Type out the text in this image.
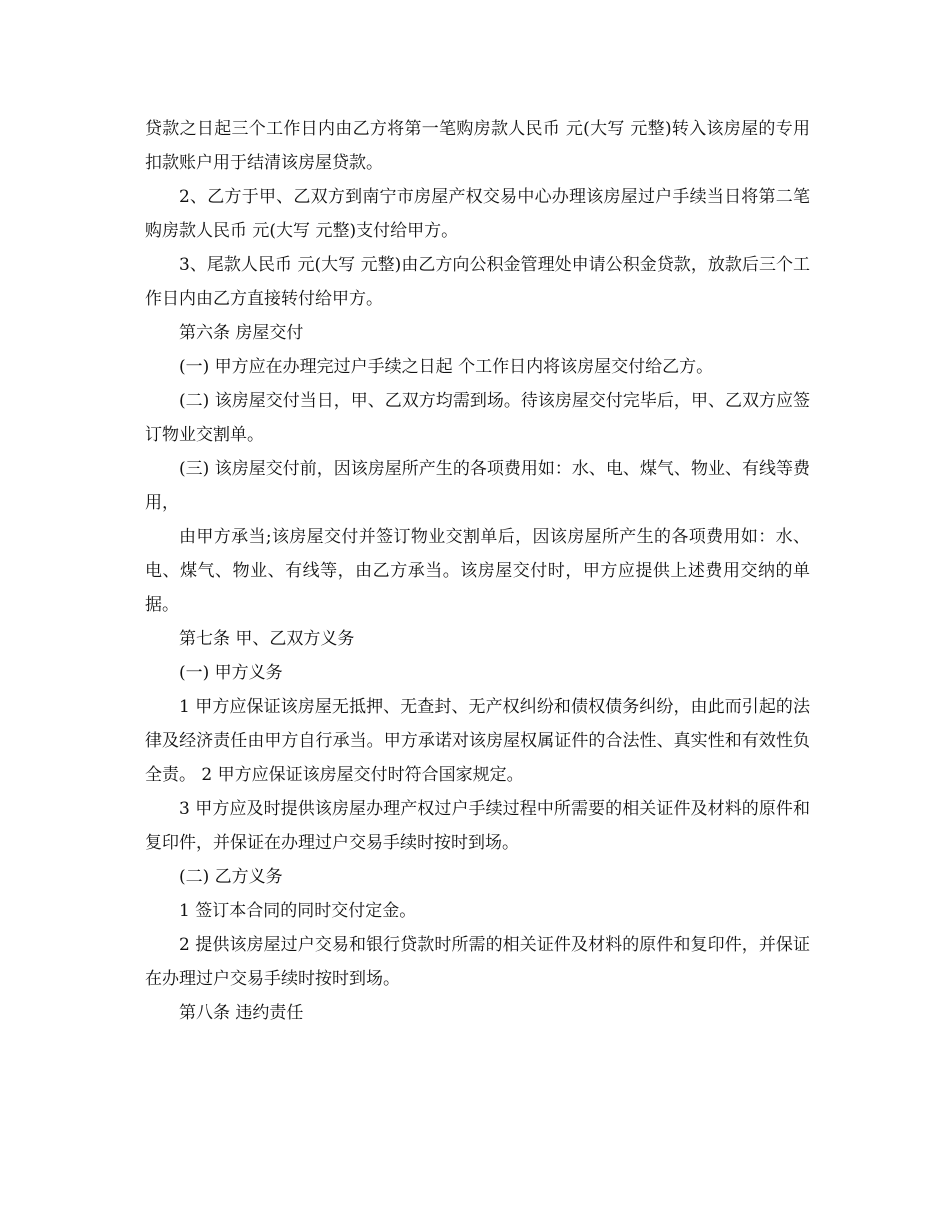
贷款之日起三个工作日内由乙方将第一笔购房款人民币 元(大写 元整)转入该房屋的专用扣款账户用于结清该房屋贷款。

2、乙方于甲、乙双方到南宁市房屋产权交易中心办理该房屋过户手续当日将第二笔购房款人民币 元(大写 元整)支付给甲方。

3、尾款人民币 元(大写 元整)由乙方向公积金管理处申请公积金贷款，放款后三个工作日内由乙方直接转付给甲方。

第六条 房屋交付

(一) 甲方应在办理完过户手续之日起 个工作日内将该房屋交付给乙方。

(二) 该房屋交付当日，甲、乙双方均需到场。待该房屋交付完毕后，甲、乙双方应签订物业交割单。

(三) 该房屋交付前，因该房屋所产生的各项费用如：水、电、煤气、物业、有线等费用，

由甲方承当;该房屋交付并签订物业交割单后，因该房屋所产生的各项费用如：水、电、煤气、物业、有线等，由乙方承当。该房屋交付时，甲方应提供上述费用交纳的单据。

第七条 甲、乙双方义务

(一) 甲方义务

1 甲方应保证该房屋无抵押、无查封、无产权纠纷和债权债务纠纷，由此而引起的法律及经济责任由甲方自行承当。甲方承诺对该房屋权属证件的合法性、真实性和有效性负全责。 2 甲方应保证该房屋交付时符合国家规定。

3 甲方应及时提供该房屋办理产权过户手续过程中所需要的相关证件及材料的原件和复印件，并保证在办理过户交易手续时按时到场。

(二) 乙方义务

1 签订本合同的同时交付定金。

2 提供该房屋过户交易和银行贷款时所需的相关证件及材料的原件和复印件，并保证在办理过户交易手续时按时到场。

第八条 违约责任
